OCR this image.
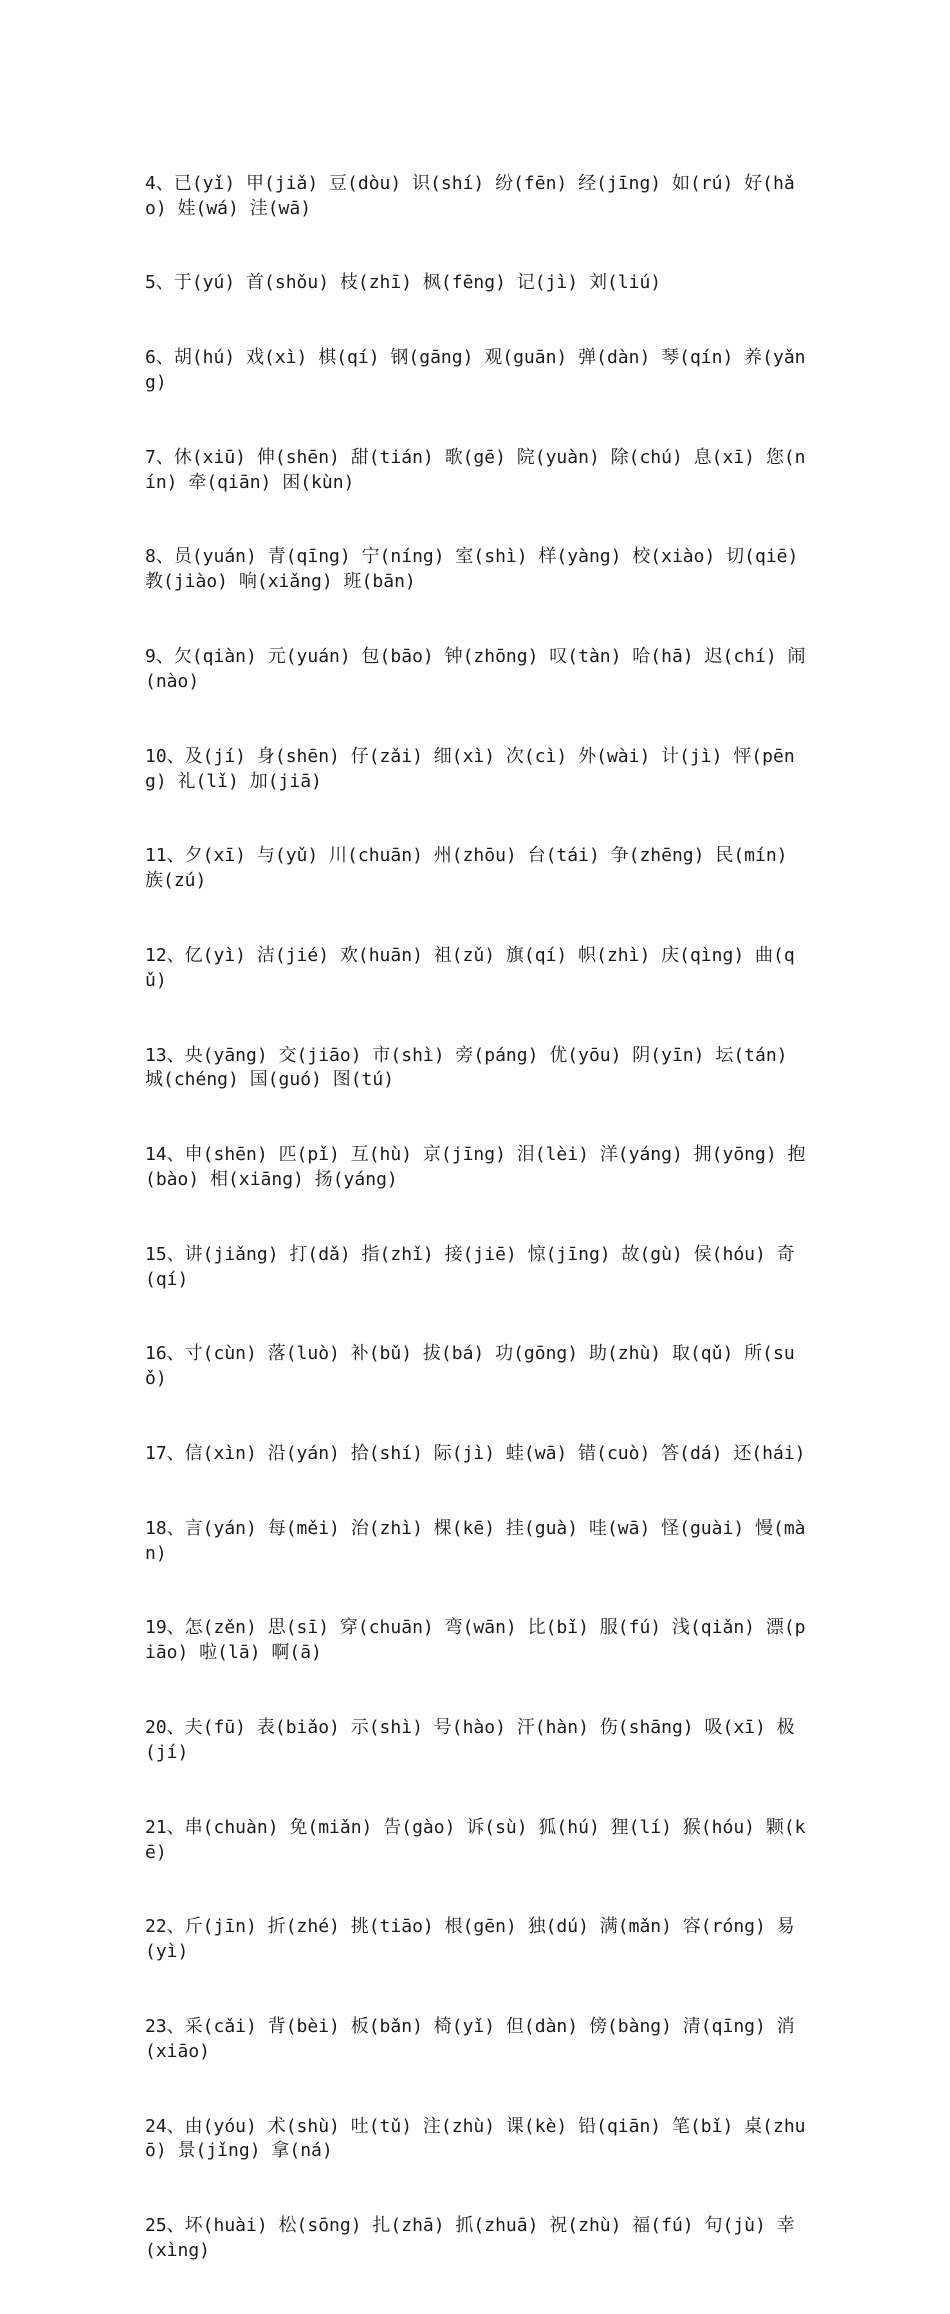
4、已(yǐ) 甲(jiǎ) 豆(dòu) 识(shí) 纷(fēn) 经(jīng) 如(rú) 好(hǎo) 娃(wá) 洼(wā)

5、于(yú) 首(shǒu) 枝(zhī) 枫(fēng) 记(jì) 刘(liú)

6、胡(hú) 戏(xì) 棋(qí) 钢(gāng) 观(guān) 弹(dàn) 琴(qín) 养(yǎng)

7、休(xiū) 伸(shēn) 甜(tián) 歌(gē) 院(yuàn) 除(chú) 息(xī) 您(nín) 牵(qiān) 困(kùn)

8、员(yuán) 青(qīng) 宁(níng) 室(shì) 样(yàng) 校(xiào) 切(qiē) 教(jiào) 响(xiǎng) 班(bān)

9、欠(qiàn) 元(yuán) 包(bāo) 钟(zhōng) 叹(tàn) 哈(hā) 迟(chí) 闹(nào)

10、及(jí) 身(shēn) 仔(zǎi) 细(xì) 次(cì) 外(wài) 计(jì) 怦(pēng) 礼(lǐ) 加(jiā)

11、夕(xī) 与(yǔ) 川(chuān) 州(zhōu) 台(tái) 争(zhēng) 民(mín) 族(zú)

12、亿(yì) 洁(jié) 欢(huān) 祖(zǔ) 旗(qí) 帜(zhì) 庆(qìng) 曲(qǔ)

13、央(yāng) 交(jiāo) 市(shì) 旁(páng) 优(yōu) 阴(yīn) 坛(tán) 城(chéng) 国(guó) 图(tú)

14、申(shēn) 匹(pǐ) 互(hù) 京(jīng) 泪(lèi) 洋(yáng) 拥(yōng) 抱(bào) 相(xiāng) 扬(yáng)

15、讲(jiǎng) 打(dǎ) 指(zhǐ) 接(jiē) 惊(jīng) 故(gù) 侯(hóu) 奇(qí)

16、寸(cùn) 落(luò) 补(bǔ) 拔(bá) 功(gōng) 助(zhù) 取(qǔ) 所(suǒ)

17、信(xìn) 沿(yán) 拾(shí) 际(jì) 蛙(wā) 错(cuò) 答(dá) 还(hái)

18、言(yán) 每(měi) 治(zhì) 棵(kē) 挂(guà) 哇(wā) 怪(guài) 慢(màn)

19、怎(zěn) 思(sī) 穿(chuān) 弯(wān) 比(bǐ) 服(fú) 浅(qiǎn) 漂(piāo) 啦(lā) 啊(ā)

20、夫(fū) 表(biǎo) 示(shì) 号(hào) 汗(hàn) 伤(shāng) 吸(xī) 极(jí)

21、串(chuàn) 免(miǎn) 告(gào) 诉(sù) 狐(hú) 狸(lí) 猴(hóu) 颗(kē)

22、斤(jīn) 折(zhé) 挑(tiāo) 根(gēn) 独(dú) 满(mǎn) 容(róng) 易(yì)

23、采(cǎi) 背(bèi) 板(bǎn) 椅(yǐ) 但(dàn) 傍(bàng) 清(qīng) 消(xiāo)

24、由(yóu) 术(shù) 吐(tǔ) 注(zhù) 课(kè) 铅(qiān) 笔(bǐ) 桌(zhuō) 景(jǐng) 拿(ná)

25、坏(huài) 松(sōng) 扎(zhā) 抓(zhuā) 祝(zhù) 福(fú) 句(jù) 幸(xìng)
